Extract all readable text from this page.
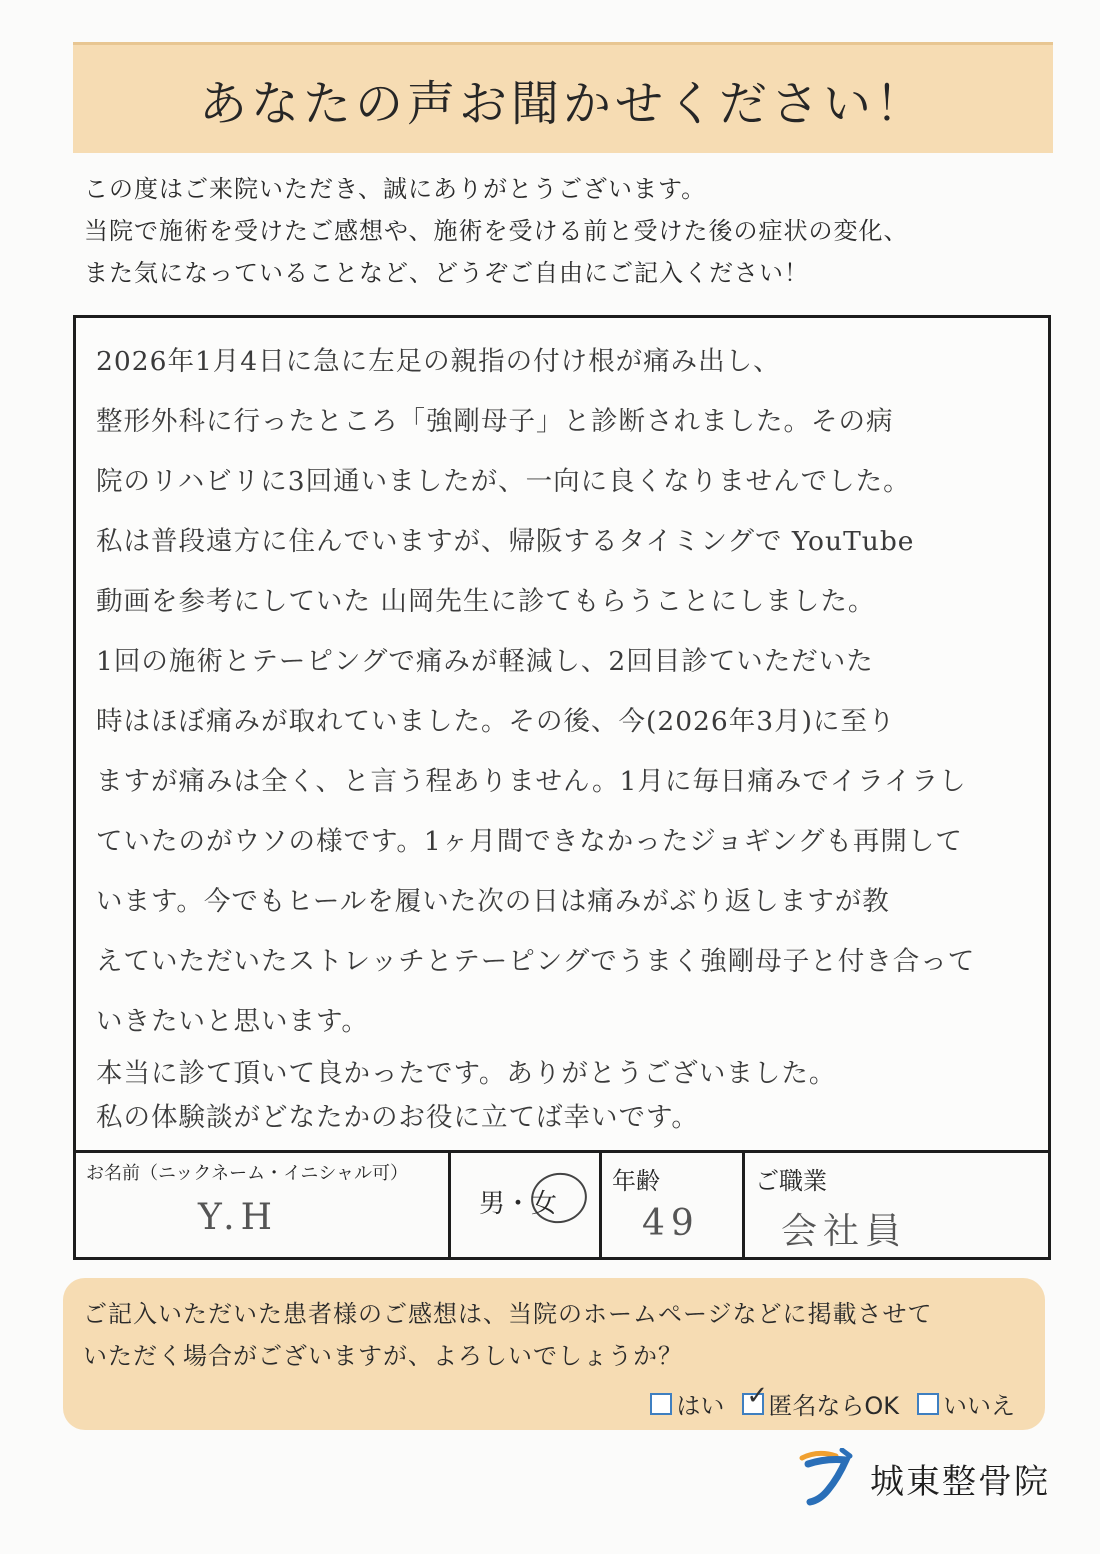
あなたの声お聞かせください！
この度はご来院いただき、誠にありがとうございます。
当院で施術を受けたご感想や、施術を受ける前と受けた後の症状の変化、
また気になっていることなど、どうぞご自由にご記入ください！
2026年1月4日に急に左足の親指の付け根が痛み出し、
整形外科に行ったところ「強剛母子」と診断されました。その病
院のリハビリに3回通いましたが、一向に良くなりませんでした。
私は普段遠方に住んでいますが、帰阪するタイミングで YouTube
動画を参考にしていた 山岡先生に診てもらうことにしました。
1回の施術とテーピングで痛みが軽減し、2回目診ていただいた
時はほぼ痛みが取れていました。その後、今(2026年3月)に至り
ますが痛みは全く、と言う程ありません。1月に毎日痛みでイライラし
ていたのがウソの様です。1ヶ月間できなかったジョギングも再開して
います。今でもヒールを履いた次の日は痛みがぶり返しますが教
えていただいたストレッチとテーピングでうまく強剛母子と付き合って
いきたいと思います。
本当に診て頂いて良かったです。ありがとうございました。
私の体験談がどなたかのお役に立てば幸いです。
お名前（ニックネーム・イニシャル可）
Y.H	男・女
年齢
49
ご職業
会社員
ご記入いただいた患者様のご感想は、当院のホームページなどに掲載させて
いただく場合がございますが、よろしいでしょうか？
はい ✓ 匿名ならOK いいえ
城東整骨院
